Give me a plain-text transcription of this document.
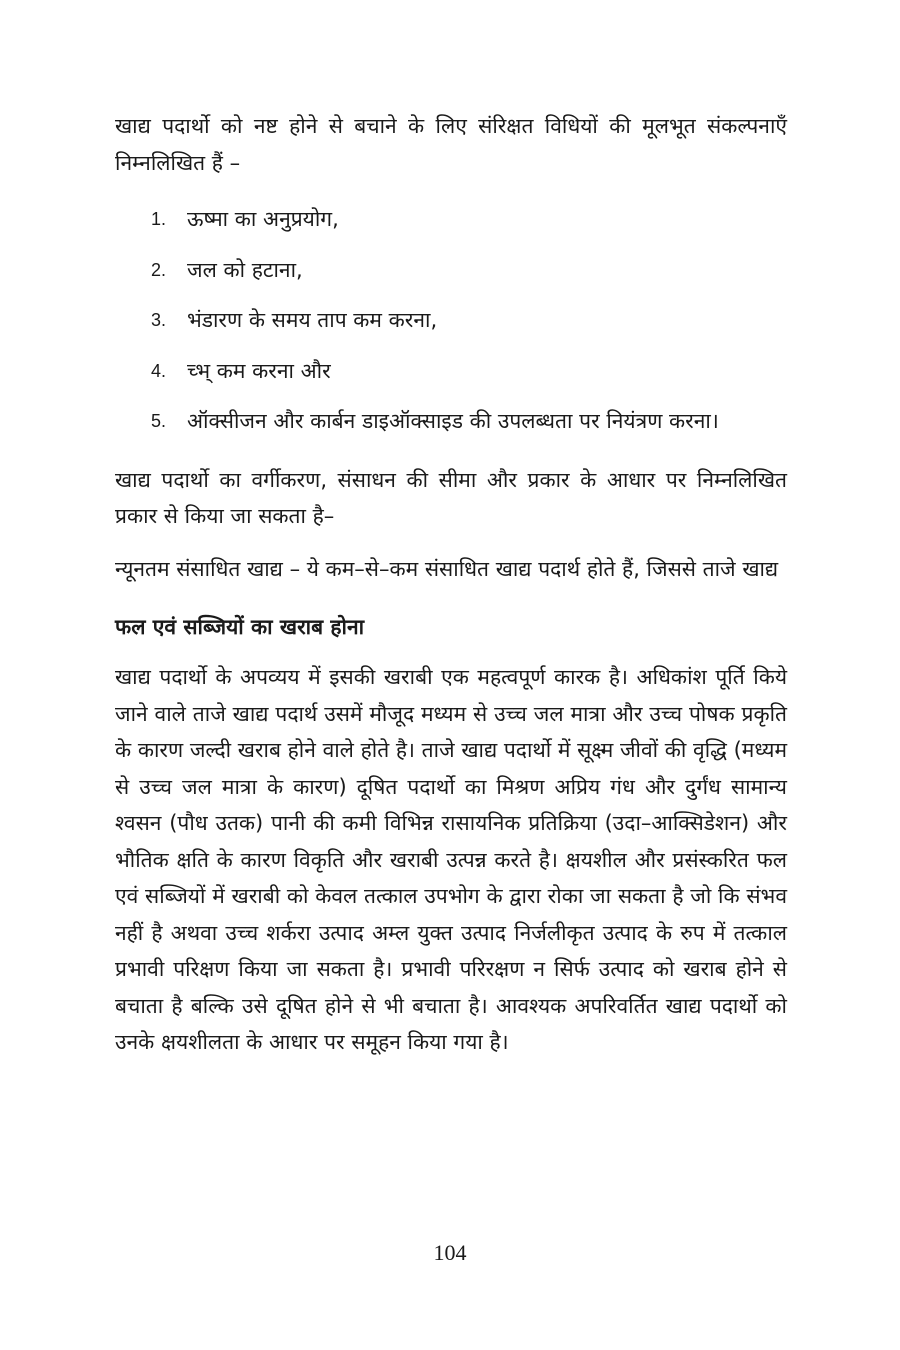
खाद्य पदार्थो को नष्ट होने से बचाने के लिए संरिक्षत विधियों की मूलभूत संकल्पनाएँ निम्नलिखित हैं –

1. ऊष्मा का अनुप्रयोग,
2. जल को हटाना,
3. भंडारण के समय ताप कम करना,
4. च्भ् कम करना और
5. ऑक्सीजन और कार्बन डाइऑक्साइड की उपलब्धता पर नियंत्रण करना।

खाद्य पदार्थो का वर्गीकरण, संसाधन की सीमा और प्रकार के आधार पर निम्नलिखित प्रकार से किया जा सकता है–

न्यूनतम संसाधित खाद्य – ये कम–से–कम संसाधित खाद्य पदार्थ होते हैं, जिससे ताजे खाद्य

फल एवं सब्जियों का खराब होना

खाद्य पदार्थो के अपव्यय में इसकी खराबी एक महत्वपूर्ण कारक है। अधिकांश पूर्ति किये जाने वाले ताजे खाद्य पदार्थ उसमें मौजूद मध्यम से उच्च जल मात्रा और उच्च पोषक प्रकृति के कारण जल्दी खराब होने वाले होते है। ताजे खाद्य पदार्थो में सूक्ष्म जीवों की वृद्धि (मध्यम से उच्च जल मात्रा के कारण) दूषित पदार्थो का मिश्रण अप्रिय गंध और दुर्गंध सामान्य श्वसन (पौध उतक) पानी की कमी विभिन्न रासायनिक प्रतिक्रिया (उदा–आक्सिडेशन) और भौतिक क्षति के कारण विकृति और खराबी उत्पन्न करते है। क्षयशील और प्रसंस्करित फल एवं सब्जियों में खराबी को केवल तत्काल उपभोग के द्वारा रोका जा सकता है जो कि संभव नहीं है अथवा उच्च शर्करा उत्पाद अम्ल युक्त उत्पाद निर्जलीकृत उत्पाद के रुप में तत्काल प्रभावी परिक्षण किया जा सकता है। प्रभावी परिरक्षण न सिर्फ उत्पाद को खराब होने से बचाता है बल्कि उसे दूषित होने से भी बचाता है। आवश्यक अपरिवर्तित खाद्य पदार्थो को उनके क्षयशीलता के आधार पर समूहन किया गया है।

104
